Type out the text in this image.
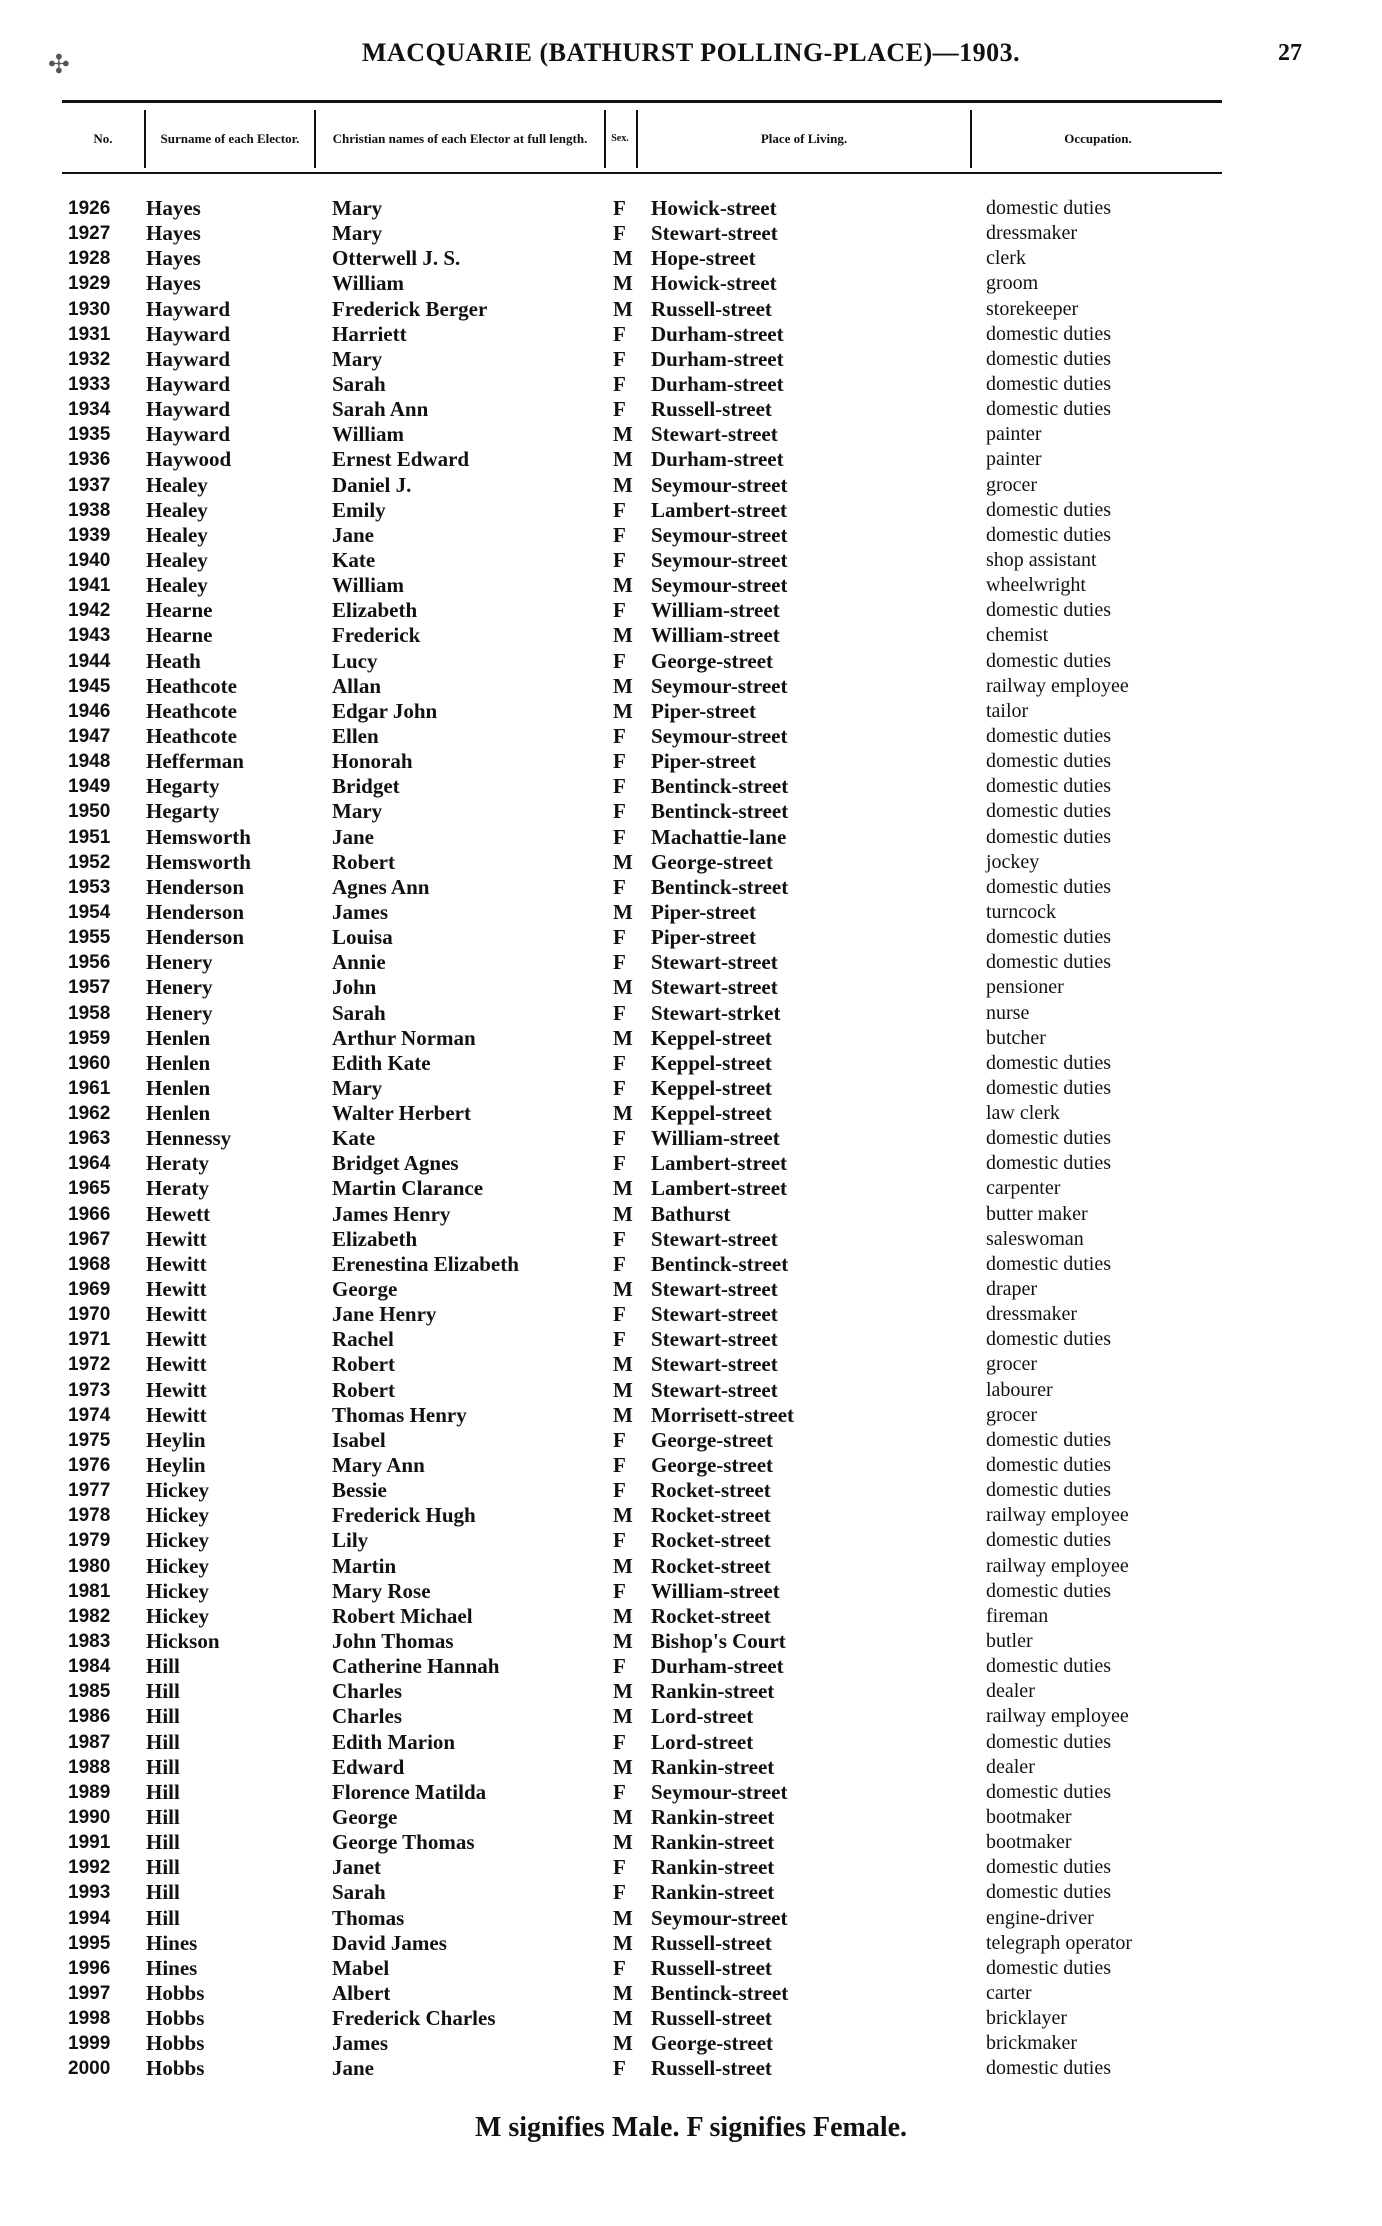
✣	MACQUARIE (BATHURST POLLING-PLACE)—1903.	27
No.	Surname of each Elector.	Christian names of each Elector at full length.	Sex.	Place of Living.	Occupation.
1926 Hayes	Mary	F Howick-street	domestic duties
1927 Hayes	Mary	F Stewart-street	dressmaker
1928 Hayes	Otterwell J. S.	M Hope-street	clerk
1929 Hayes	William	M Howick-street	groom
1930 Hayward	Frederick Berger	M Russell-street	storekeeper
1931 Hayward	Harriett	F Durham-street	domestic duties
1932 Hayward	Mary	F Durham-street	domestic duties
1933 Hayward	Sarah	F Durham-street	domestic duties
1934 Hayward	Sarah Ann	F Russell-street	domestic duties
1935 Hayward	William	M Stewart-street	painter
1936 Haywood	Ernest Edward	M Durham-street	painter
1937 Healey	Daniel J.	M Seymour-street	grocer
1938 Healey	Emily	F Lambert-street	domestic duties
1939 Healey	Jane	F Seymour-street	domestic duties
1940 Healey	Kate	F Seymour-street	shop assistant
1941 Healey	William	M Seymour-street	wheelwright
1942 Hearne	Elizabeth	F William-street	domestic duties
1943 Hearne	Frederick	M William-street	chemist
1944 Heath	Lucy	F George-street	domestic duties
1945 Heathcote	Allan	M Seymour-street	railway employee
1946 Heathcote	Edgar John	M Piper-street	tailor
1947 Heathcote	Ellen	F Seymour-street	domestic duties
1948 Hefferman	Honorah	F Piper-street	domestic duties
1949 Hegarty	Bridget	F Bentinck-street	domestic duties
1950 Hegarty	Mary	F Bentinck-street	domestic duties
1951 Hemsworth	Jane	F Machattie-lane	domestic duties
1952 Hemsworth	Robert	M George-street	jockey
1953 Henderson	Agnes Ann	F Bentinck-street	domestic duties
1954 Henderson	James	M Piper-street	turncock
1955 Henderson	Louisa	F Piper-street	domestic duties
1956 Henery	Annie	F Stewart-street	domestic duties
1957 Henery	John	M Stewart-street	pensioner
1958 Henery	Sarah	F Stewart-strket	nurse
1959 Henlen	Arthur Norman	M Keppel-street	butcher
1960 Henlen	Edith Kate	F Keppel-street	domestic duties
1961 Henlen	Mary	F Keppel-street	domestic duties
1962 Henlen	Walter Herbert	M Keppel-street	law clerk
1963 Hennessy	Kate	F William-street	domestic duties
1964 Heraty	Bridget Agnes	F Lambert-street	domestic duties
1965 Heraty	Martin Clarance	M Lambert-street	carpenter
1966 Hewett	James Henry	M Bathurst	butter maker
1967 Hewitt	Elizabeth	F Stewart-street	saleswoman
1968 Hewitt	Erenestina Elizabeth	F Bentinck-street	domestic duties
1969 Hewitt	George	M Stewart-street	draper
1970 Hewitt	Jane Henry	F Stewart-street	dressmaker
1971 Hewitt	Rachel	F Stewart-street	domestic duties
1972 Hewitt	Robert	M Stewart-street	grocer
1973 Hewitt	Robert	M Stewart-street	labourer
1974 Hewitt	Thomas Henry	M Morrisett-street	grocer
1975 Heylin	Isabel	F George-street	domestic duties
1976 Heylin	Mary Ann	F George-street	domestic duties
1977 Hickey	Bessie	F Rocket-street	domestic duties
1978 Hickey	Frederick Hugh	M Rocket-street	railway employee
1979 Hickey	Lily	F Rocket-street	domestic duties
1980 Hickey	Martin	M Rocket-street	railway employee
1981 Hickey	Mary Rose	F William-street	domestic duties
1982 Hickey	Robert Michael	M Rocket-street	fireman
1983 Hickson	John Thomas	M Bishop's Court	butler
1984 Hill	Catherine Hannah	F Durham-street	domestic duties
1985 Hill	Charles	M Rankin-street	dealer
1986 Hill	Charles	M Lord-street	railway employee
1987 Hill	Edith Marion	F Lord-street	domestic duties
1988 Hill	Edward	M Rankin-street	dealer
1989 Hill	Florence Matilda	F Seymour-street	domestic duties
1990 Hill	George	M Rankin-street	bootmaker
1991 Hill	George Thomas	M Rankin-street	bootmaker
1992 Hill	Janet	F Rankin-street	domestic duties
1993 Hill	Sarah	F Rankin-street	domestic duties
1994 Hill	Thomas	M Seymour-street	engine-driver
1995 Hines	David James	M Russell-street	telegraph operator
1996 Hines	Mabel	F Russell-street	domestic duties
1997 Hobbs	Albert	M Bentinck-street	carter
1998 Hobbs	Frederick Charles	M Russell-street	bricklayer
1999 Hobbs	James	M George-street	brickmaker
2000 Hobbs	Jane	F Russell-street	domestic duties
M signifies Male. F signifies Female.
